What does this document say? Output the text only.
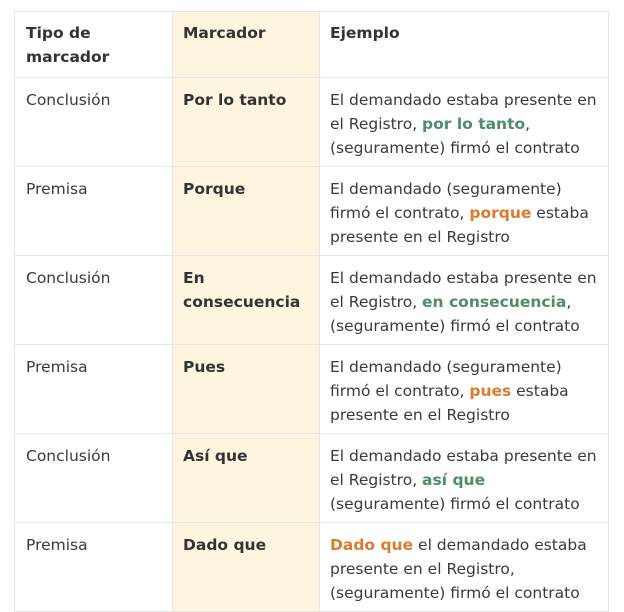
Tipo de marcador	Marcador	Ejemplo
Conclusión	Por lo tanto	El demandado estaba presente en el Registro, por lo tanto, (seguramente) firmó el contrato
Premisa	Porque	El demandado (seguramente) firmó el contrato, porque estaba presente en el Registro
Conclusión	En consecuencia	El demandado estaba presente en el Registro, en consecuencia, (seguramente) firmó el contrato
Premisa	Pues	El demandado (seguramente) firmó el contrato, pues estaba presente en el Registro
Conclusión	Así que	El demandado estaba presente en el Registro, así que (seguramente) firmó el contrato
Premisa	Dado que	Dado que el demandado estaba presente en el Registro, (seguramente) firmó el contrato
